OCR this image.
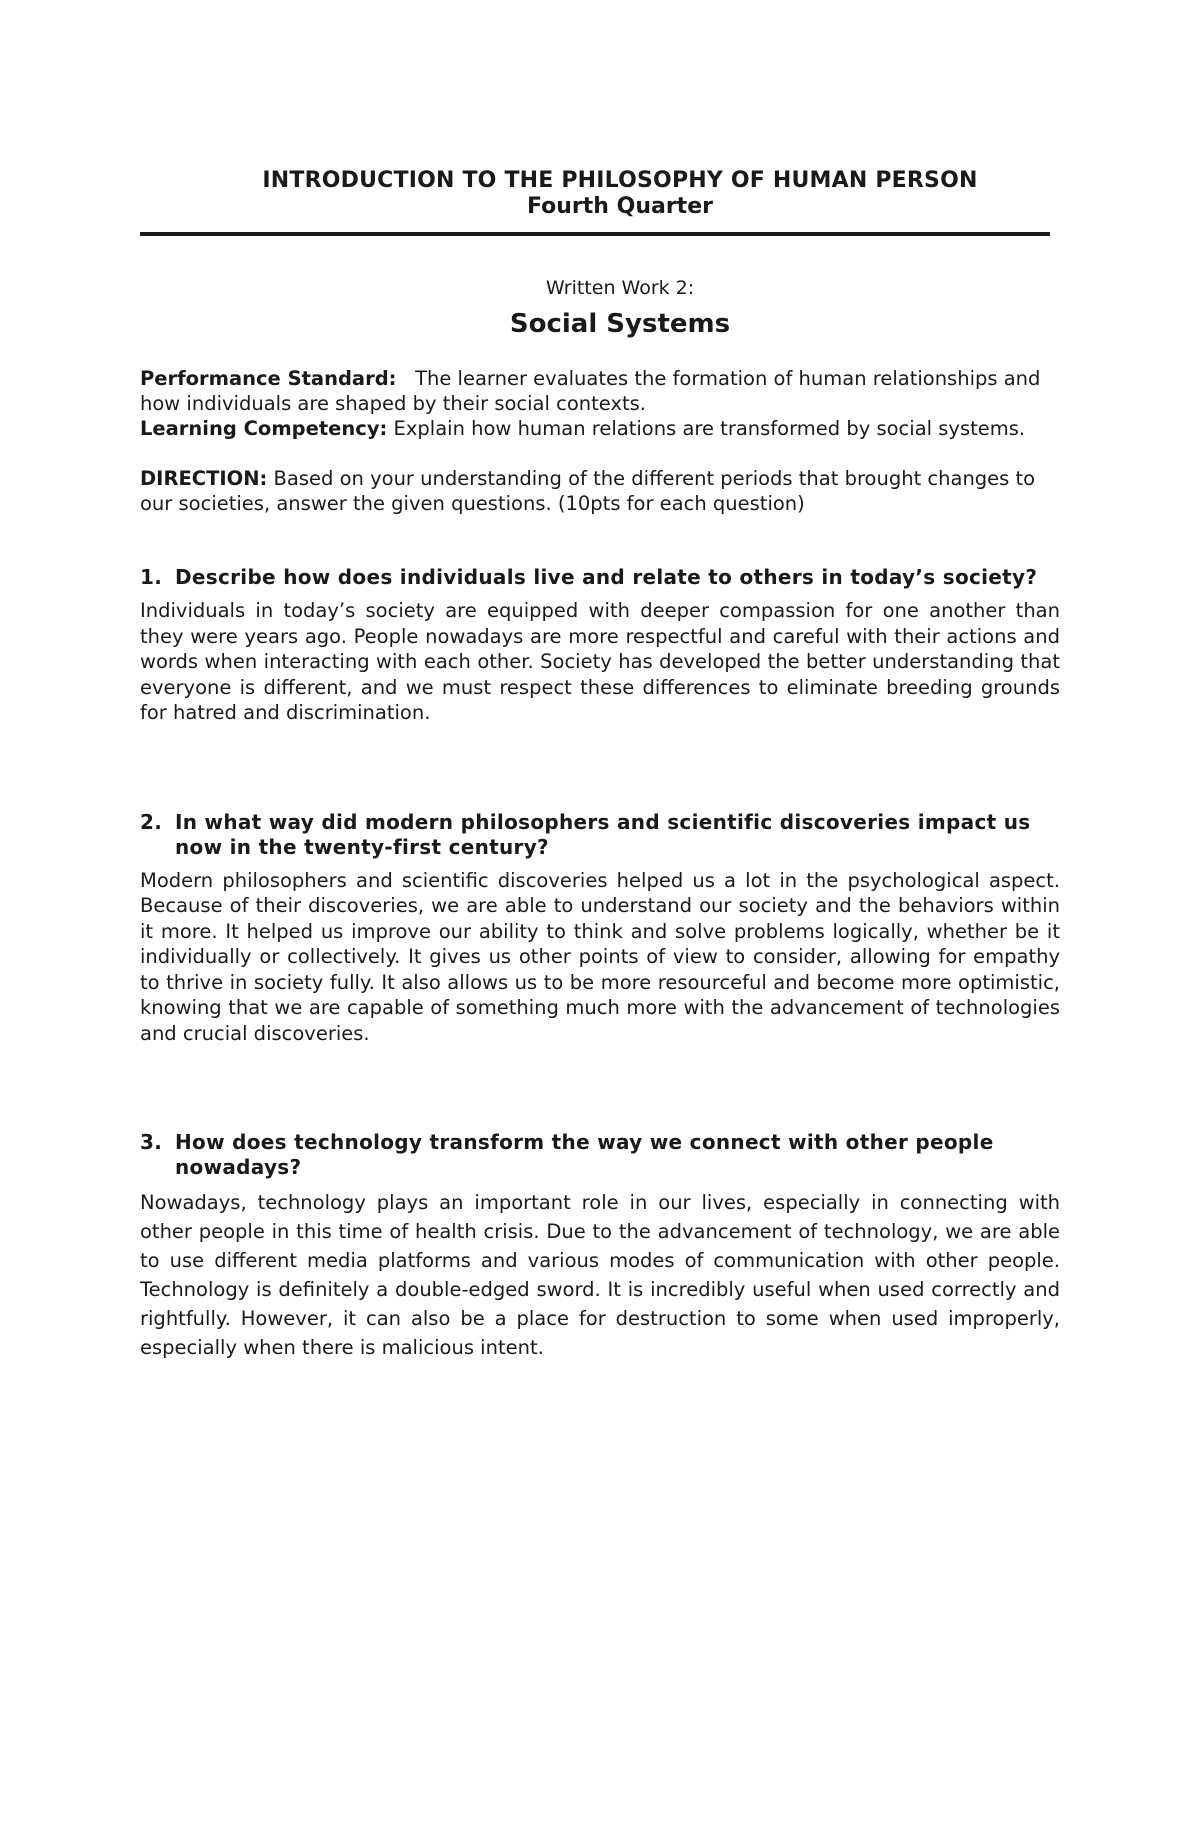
INTRODUCTION TO THE PHILOSOPHY OF HUMAN PERSON
Fourth Quarter
Written Work 2:
Social Systems

Performance Standard: The learner evaluates the formation of human relationships and how individuals are shaped by their social contexts.

Learning Competency: Explain how human relations are transformed by social systems.

DIRECTION: Based on your understanding of the different periods that brought changes to our societies, answer the given questions. (10pts for each question)

1. Describe how does individuals live and relate to others in today’s society?

Individuals in today’s society are equipped with deeper compassion for one another than they were years ago. People nowadays are more respectful and careful with their actions and words when interacting with each other. Society has developed the better understanding that everyone is different, and we must respect these differences to eliminate breeding grounds for hatred and discrimination.

2. In what way did modern philosophers and scientific discoveries impact us now in the twenty-first century?

Modern philosophers and scientific discoveries helped us a lot in the psychological aspect. Because of their discoveries, we are able to understand our society and the behaviors within it more. It helped us improve our ability to think and solve problems logically, whether be it individually or collectively. It gives us other points of view to consider, allowing for empathy to thrive in society fully. It also allows us to be more resourceful and become more optimistic, knowing that we are capable of something much more with the advancement of technologies and crucial discoveries.

3. How does technology transform the way we connect with other people nowadays?

Nowadays, technology plays an important role in our lives, especially in connecting with other people in this time of health crisis. Due to the advancement of technology, we are able to use different media platforms and various modes of communication with other people. Technology is definitely a double-edged sword. It is incredibly useful when used correctly and rightfully. However, it can also be a place for destruction to some when used improperly, especially when there is malicious intent.
